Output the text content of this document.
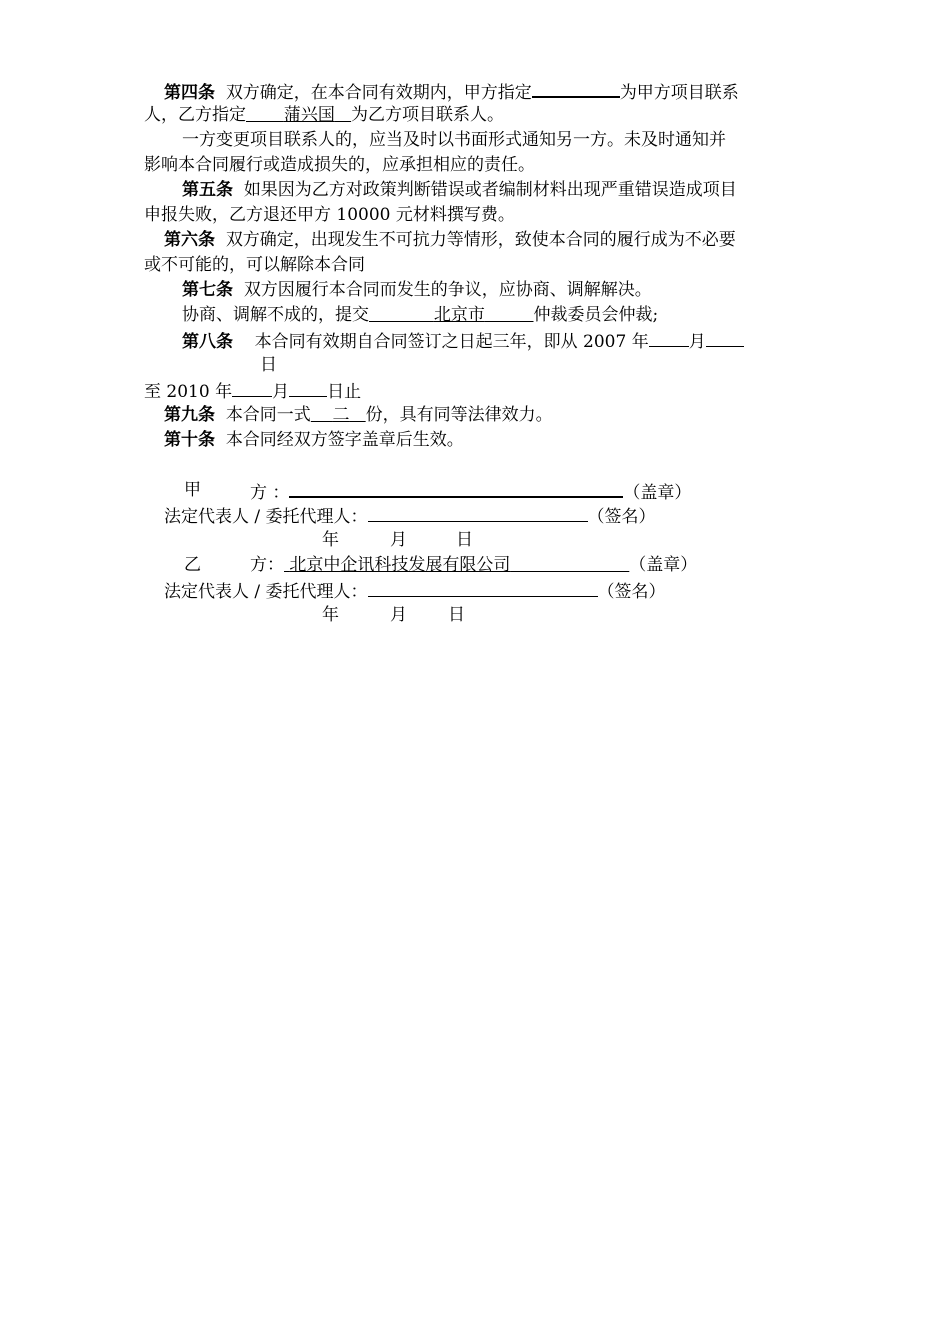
第四条 双方确定，在本合同有效期内，甲方指定	为甲方项目联系
人，乙方指定 蒲兴国 为乙方项目联系人。
一方变更项目联系人的，应当及时以书面形式通知另一方。未及时通知并
影响本合同履行或造成损失的，应承担相应的责任。
第五条 如果因为乙方对政策判断错误或者编制材料出现严重错误造成项目
申报失败，乙方退还甲方 10000 元材料撰写费。
第六条 双方确定，出现发生不可抗力等情形，致使本合同的履行成为不必要
或不可能的，可以解除本合同
第七条 双方因履行本合同而发生的争议，应协商、调解解决。
协商、调解不成的，提交	北京市	仲裁委员会仲裁;
第八条 本合同有效期自合同签订之日起三年，即从 2007 年 月
日
至 2010 年 月 日止
第九条 本合同一式 二 份，具有同等法律效力。
第十条 本合同经双方签字盖章后生效。
甲	方 ：	（盖章）
法定代表人 / 委托代理人：	（签名）
年	月	日
乙	方： 北京中企讯科技发展有限公司	（盖章）
法定代表人 / 委托代理人：	（签名）
年	月 日
